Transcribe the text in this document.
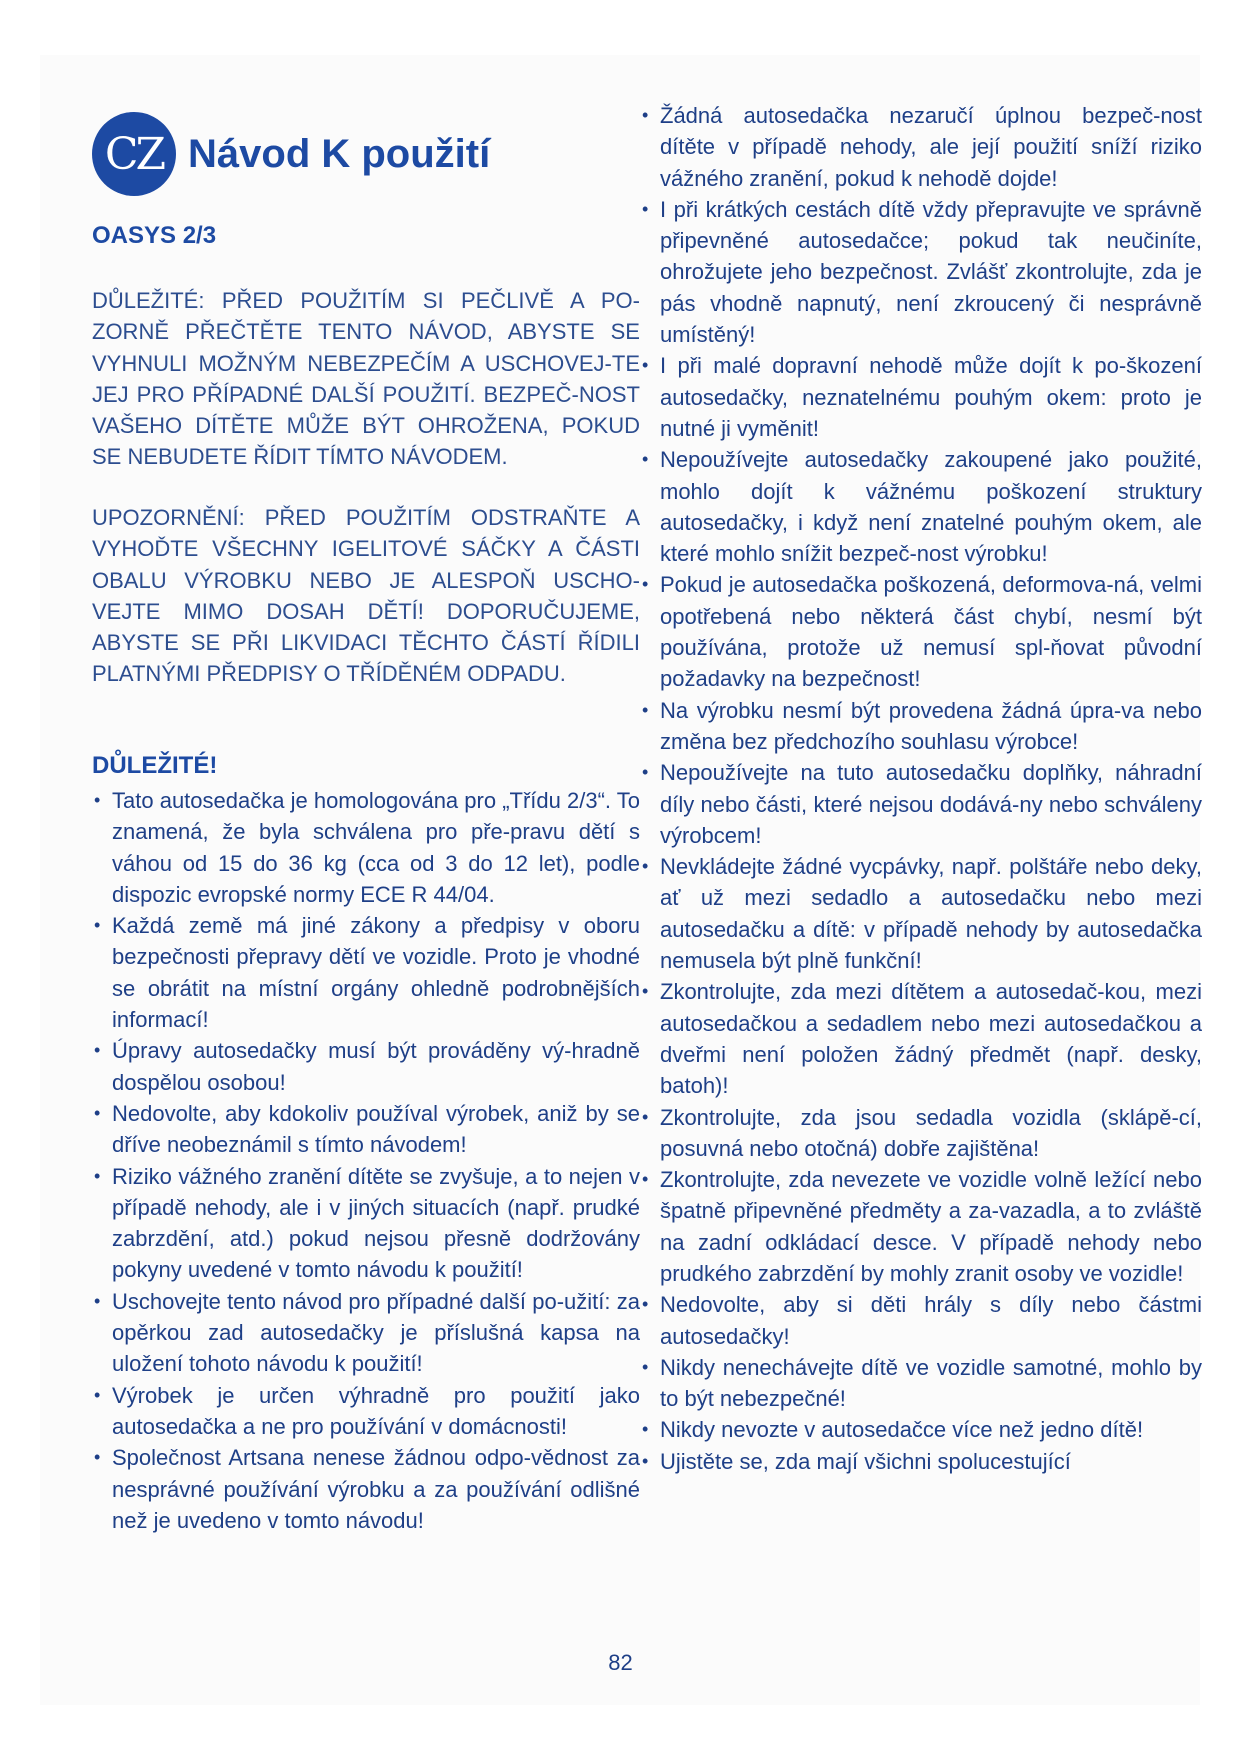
CZ Návod K použití
OASYS 2/3
DŮLEŽITÉ: PŘED POUŽITÍM SI PEČLIVĚ A PO-ZORNĚ PŘEČTĚTE TENTO NÁVOD, ABYSTE SE VYHNULI MOŽNÝM NEBEZPEČÍM A USCHOVEJ-TE JEJ PRO PŘÍPADNÉ DALŠÍ POUŽITÍ. BEZPEČ-NOST VAŠEHO DÍTĚTE MŮŽE BÝT OHROŽENA, POKUD SE NEBUDETE ŘÍDIT TÍMTO NÁVODEM.
UPOZORNĚNÍ: PŘED POUŽITÍM ODSTRAŇTE A VYHOĎTE VŠECHNY IGELITOVÉ SÁČKY A ČÁSTI OBALU VÝROBKU NEBO JE ALESPOŇ USCHO-VEJTE MIMO DOSAH DĚTÍ! DOPORUČUJEME, ABYSTE SE PŘI LIKVIDACI TĚCHTO ČÁSTÍ ŘÍDILI PLATNÝMI PŘEDPISY O TŘÍDĚNÉM ODPADU.
DŮLEŽITÉ!
• Tato autosedačka je homologována pro „Třídu 2/3“. To znamená, že byla schválena pro pře-pravu dětí s váhou od 15 do 36 kg (cca od 3 do 12 let), podle dispozic evropské normy ECE R 44/04.
• Každá země má jiné zákony a předpisy v oboru bezpečnosti přepravy dětí ve vozidle. Proto je vhodné se obrátit na místní orgány ohledně podrobnějších informací!
• Úpravy autosedačky musí být prováděny vý-hradně dospělou osobou!
• Nedovolte, aby kdokoliv používal výrobek, aniž by se dříve neobeznámil s tímto návodem!
• Riziko vážného zranění dítěte se zvyšuje, a to nejen v případě nehody, ale i v jiných situacích (např. prudké zabrzdění, atd.) pokud nejsou přesně dodržovány pokyny uvedené v tomto návodu k použití!
• Uschovejte tento návod pro případné další po-užití: za opěrkou zad autosedačky je příslušná kapsa na uložení tohoto návodu k použití!
• Výrobek je určen výhradně pro použití jako autosedačka a ne pro používání v domácnosti!
• Společnost Artsana nenese žádnou odpo-vědnost za nesprávné používání výrobku a za používání odlišné než je uvedeno v tomto návodu!
• Žádná autosedačka nezaručí úplnou bezpeč-nost dítěte v případě nehody, ale její použití sníží riziko vážného zranění, pokud k nehodě dojde!
• I při krátkých cestách dítě vždy přepravujte ve správně připevněné autosedačce; pokud tak neučiníte, ohrožujete jeho bezpečnost. Zvlášť zkontrolujte, zda je pás vhodně napnutý, není zkroucený či nesprávně umístěný!
• I při malé dopravní nehodě může dojít k po-škození autosedačky, neznatelnému pouhým okem: proto je nutné ji vyměnit!
• Nepoužívejte autosedačky zakoupené jako použité, mohlo dojít k vážnému poškození struktury autosedačky, i když není znatelné pouhým okem, ale které mohlo snížit bezpeč-nost výrobku!
• Pokud je autosedačka poškozená, deformova-ná, velmi opotřebená nebo některá část chybí, nesmí být používána, protože už nemusí spl-ňovat původní požadavky na bezpečnost!
• Na výrobku nesmí být provedena žádná úpra-va nebo změna bez předchozího souhlasu výrobce!
• Nepoužívejte na tuto autosedačku doplňky, náhradní díly nebo části, které nejsou dodává-ny nebo schváleny výrobcem!
• Nevkládejte žádné vycpávky, např. polštáře nebo deky, ať už mezi sedadlo a autosedačku nebo mezi autosedačku a dítě: v případě nehody by autosedačka nemusela být plně funkční!
• Zkontrolujte, zda mezi dítětem a autosedač-kou, mezi autosedačkou a sedadlem nebo mezi autosedačkou a dveřmi není položen žádný předmět (např. desky, batoh)!
• Zkontrolujte, zda jsou sedadla vozidla (sklápě-cí, posuvná nebo otočná) dobře zajištěna!
• Zkontrolujte, zda nevezete ve vozidle volně ležící nebo špatně připevněné předměty a za-vazadla, a to zvláště na zadní odkládací desce. V případě nehody nebo prudkého zabrzdění by mohly zranit osoby ve vozidle!
• Nedovolte, aby si děti hrály s díly nebo částmi autosedačky!
• Nikdy nenechávejte dítě ve vozidle samotné, mohlo by to být nebezpečné!
• Nikdy nevozte v autosedačce více než jedno dítě!
• Ujistěte se, zda mají všichni spolucestující
82
